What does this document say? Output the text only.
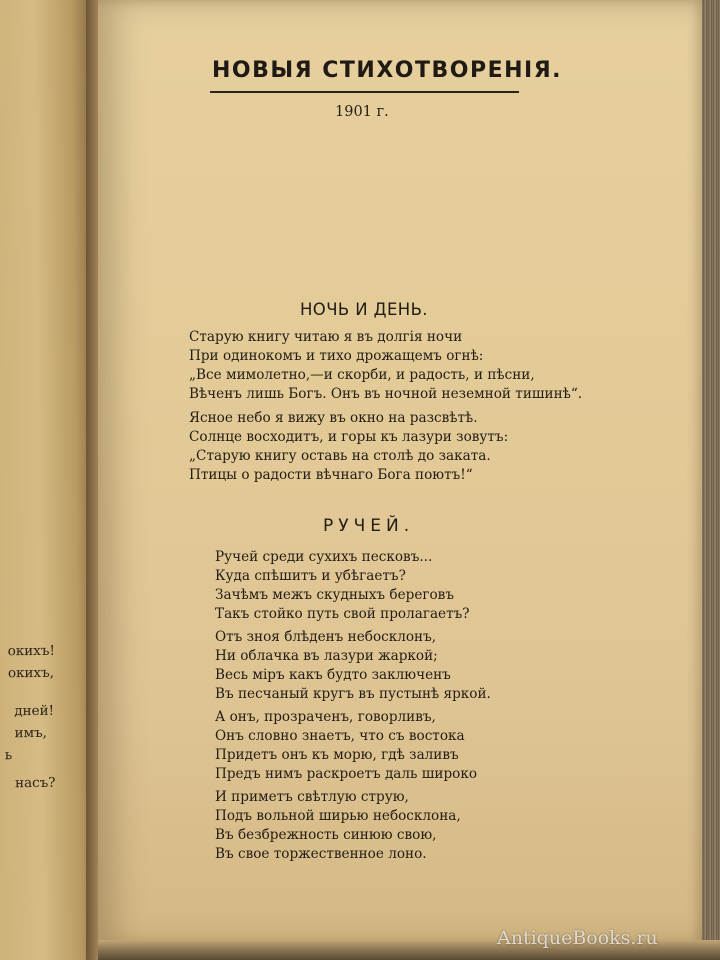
окихъ!
окихъ,
дней!
имъ,
ь
насъ?
НОВЫЯ СТИХОТВОРЕНІЯ.
1901 г.
НОЧЬ И ДЕНЬ.
Старую книгу читаю я въ долгія ночи
При одинокомъ и тихо дрожащемъ огнѣ:
„Все мимолетно,—и скорби, и радость, и пѣсни,
Вѣченъ лишь Богъ. Онъ въ ночной неземной тишинѣ“.
Ясное небо я вижу въ окно на разсвѣтѣ.
Солнце восходитъ, и горы къ лазури зовутъ:
„Старую книгу оставь на столѣ до заката.
Птицы о радости вѣчнаго Бога поютъ!“
РУЧЕЙ.
Ручей среди сухихъ песковъ...
Куда спѣшитъ и убѣгаетъ?
Зачѣмъ межъ скудныхъ береговъ
Такъ стойко путь свой пролагаетъ?
Отъ зноя блѣденъ небосклонъ,
Ни облачка въ лазури жаркой;
Весь міръ какъ будто заключенъ
Въ песчаный кругъ въ пустынѣ яркой.
А онъ, прозраченъ, говорливъ,
Онъ словно знаетъ, что съ востока
Придетъ онъ къ морю, гдѣ заливъ
Предъ нимъ раскроетъ даль широко
И приметъ свѣтлую струю,
Подъ вольной ширью небосклона,
Въ безбрежность синюю свою,
Въ свое торжественное лоно.
AntiqueBooks.ru
